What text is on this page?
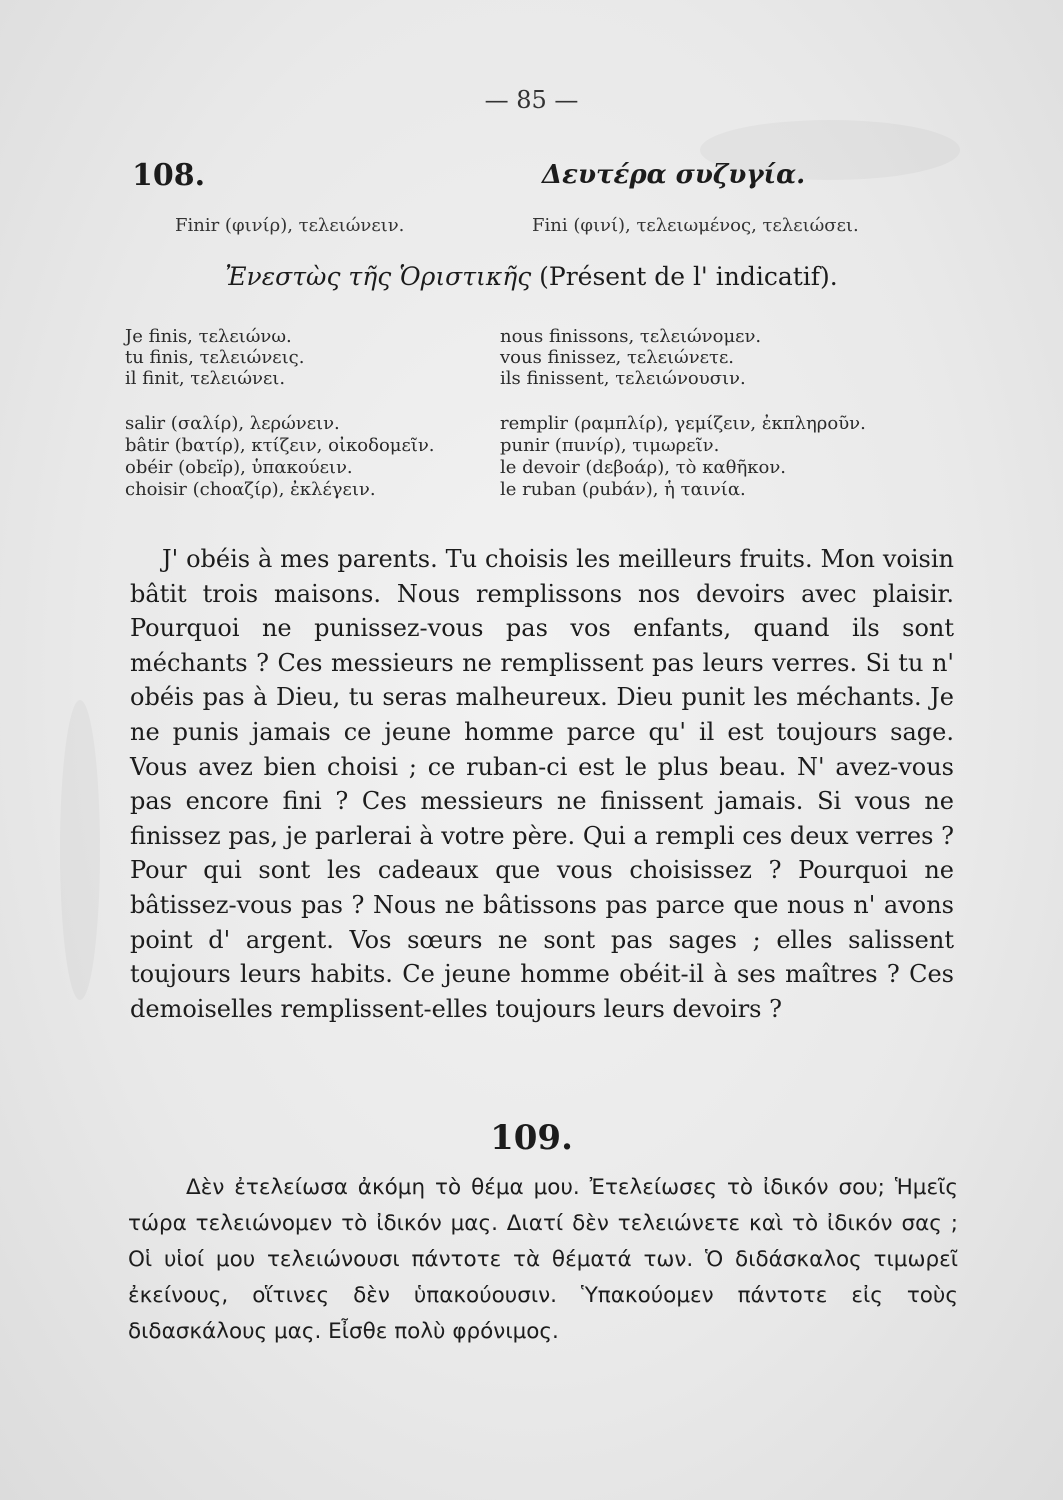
— 85 —
108.	Δευτέρα συζυγία.
Finir (φινίρ), τελειώνειν.	Fini (φινί), τελειωμένος, τελειώσει.
Ἐνεστὼς τῆς Ὁριστικῆς (Présent de l' indicatif).
Je finis, τελειώνω.
tu finis, τελειώνεις.
il finit, τελειώνει.
nous finissons, τελειώνομεν.
vous finissez, τελειώνετε.
ils finissent, τελειώνουσιν.
salir (σαλίρ), λερώνειν.
bâtir (bατίρ), κτίζειν, οἰκοδομεῖν.
obéir (obεїρ), ὑπακούειν.
choisir (choαζίρ), ἐκλέγειν.
remplir (ραμπλίρ), γεμίζειν, ἐκπληροῦν.
punir (πuνίρ), τιμωρεῖν.
le devoir (dεβοάρ), τὸ καθῆκον.
le ruban (ρubάν), ἡ ταινία.

J' obéis à mes parents. Tu choisis les meilleurs fruits. Mon voisin bâtit trois maisons. Nous remplissons nos devoirs avec plaisir. Pourquoi ne punissez-vous pas vos enfants, quand ils sont méchants ? Ces messieurs ne remplissent pas leurs verres. Si tu n' obéis pas à Dieu, tu seras malheureux. Dieu punit les méchants. Je ne punis jamais ce jeune homme parce qu' il est toujours sage. Vous avez bien choisi ; ce ruban-ci est le plus beau. N' avez-vous pas encore fini ? Ces messieurs ne finissent jamais. Si vous ne finissez pas, je parlerai à votre père. Qui a rempli ces deux verres ? Pour qui sont les cadeaux que vous choisissez ? Pourquoi ne bâtissez-vous pas ? Nous ne bâtissons pas parce que nous n' avons point d' argent. Vos sœurs ne sont pas sages ; elles salissent toujours leurs habits. Ce jeune homme obéit-il à ses maîtres ? Ces demoiselles remplissent-elles toujours leurs devoirs ?

109.

Δὲν ἐτελείωσα ἀκόμη τὸ θέμα μου. Ἐτελείωσες τὸ ἰδικόν σου; Ἡμεῖς τώρα τελειώνομεν τὸ ἰδικόν μας. Διατί δὲν τελειώνετε καὶ τὸ ἰδικόν σας ; Οἱ υἱοί μου τελειώνουσι πάντοτε τὰ θέματά των. Ὁ διδάσκαλος τιμωρεῖ ἐκείνους, οἵτινες δὲν ὑπακούουσιν. Ὑπακούομεν πάντοτε εἰς τοὺς διδασκάλους μας. Εἶσθε πολὺ φρόνιμος.
